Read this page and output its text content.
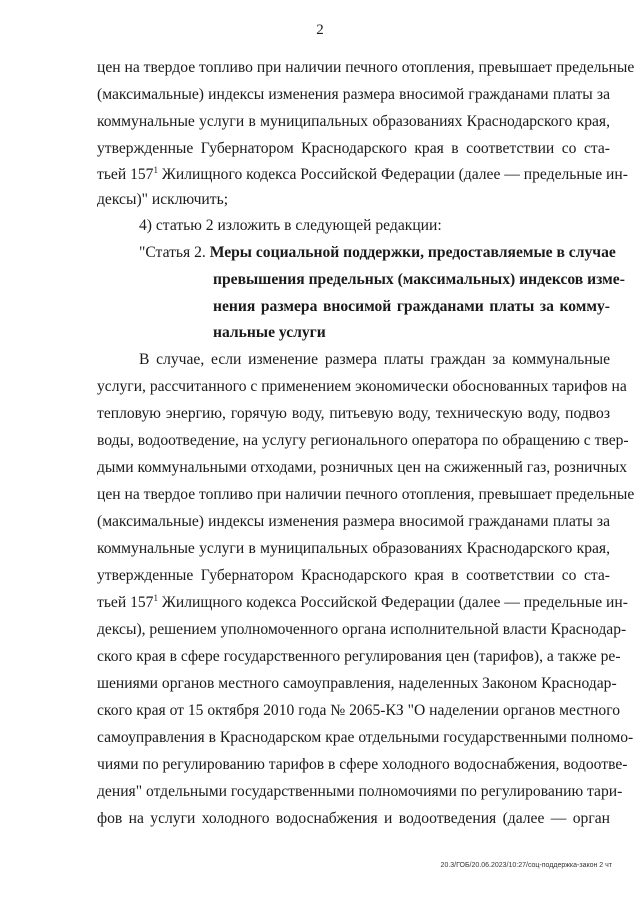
2
цен на твердое топливо при наличии печного отопления, превышает предельные
(максимальные) индексы изменения размера вносимой гражданами платы за
коммунальные услуги в муниципальных образованиях Краснодарского края,
утвержденные Губернатором Краснодарского края в соответствии со ста-
тьей $157^1$ Жилищного кодекса Российской Федерации (далее — предельные ин-
дексы)" исключить;
4) статью 2 изложить в следующей редакции:
"Статья 2. Меры социальной поддержки, предоставляемые в случае
превышения предельных (максимальных) индексов изме-
нения размера вносимой гражданами платы за комму-
нальные услуги
В случае, если изменение размера платы граждан за коммунальные
услуги, рассчитанного с применением экономически обоснованных тарифов на
тепловую энергию, горячую воду, питьевую воду, техническую воду, подвоз
воды, водоотведение, на услугу регионального оператора по обращению с твер-
дыми коммунальными отходами, розничных цен на сжиженный газ, розничных
цен на твердое топливо при наличии печного отопления, превышает предельные
(максимальные) индексы изменения размера вносимой гражданами платы за
коммунальные услуги в муниципальных образованиях Краснодарского края,
утвержденные Губернатором Краснодарского края в соответствии со ста-
тьей $157^1$ Жилищного кодекса Российской Федерации (далее — предельные ин-
дексы), решением уполномоченного органа исполнительной власти Краснодар-
ского края в сфере государственного регулирования цен (тарифов), а также ре-
шениями органов местного самоуправления, наделенных Законом Краснодар-
ского края от 15 октября 2010 года № 2065-КЗ "О наделении органов местного
самоуправления в Краснодарском крае отдельными государственными полномо-
чиями по регулированию тарифов в сфере холодного водоснабжения, водоотве-
дения" отдельными государственными полномочиями по регулированию тари-
фов на услуги холодного водоснабжения и водоотведения (далее — орган
20.3/ГОБ/20.06.2023/10:27/соц-поддержка-закон 2 чт
